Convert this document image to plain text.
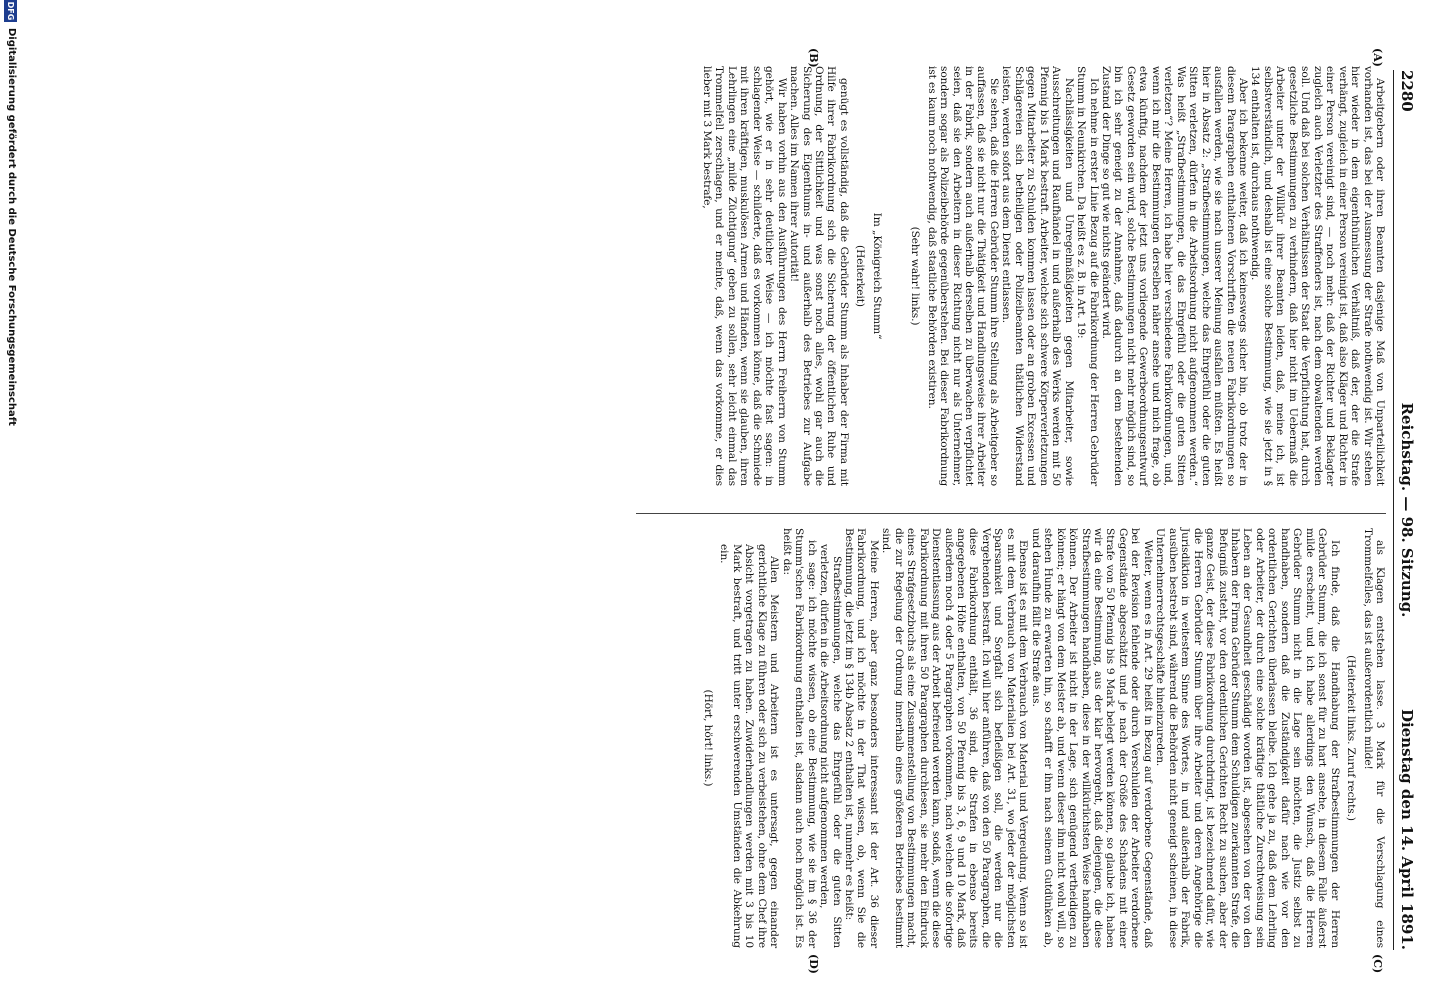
2280
Reichstag. — 98. Sitzung.
Dienstag den 14. April 1891.
(A)
(B)
(C)
(D)

Arbeitgebern oder ihren Beamten dasjenige Maß von Unparteilichkeit vorhanden ist, das bei der Ausmessung der Strafe nothwendig ist. Wir stehen hier wieder in dem eigenthümlichen Verhältniß, daß der, der die Strafe verhängt, zugleich in einer Person vereinigt ist, daß also Kläger und Richter in einer Person vereinigt sind, — noch mehr: daß der Richter und Beklagter zugleich auch Verletzter des Straffenders ist, nach dem obwaltenden werden soll. Und daß bei solchen Verhältnissen der Staat die Verpflichtung hat, durch gesetzliche Bestimmungen zu verhindern, daß hier nicht im Uebermaß die Arbeiter unter der Willkür ihrer Beamten leiden, daß, meine ich, ist selbstverständlich, und deshalb ist eine solche Bestimmung, wie sie jetzt in § 134 enthalten ist, durchaus nothwendig.

Aber ich bekenne weiter, daß ich keineswegs sicher bin, ob trotz der in diesem Paragraphen enthaltenen Vorschriften die neuen Fabrikordnungen so ausfallen werden, wie sie nach unserer Meinung ausfallen müßten. Es heißt hier in Absatz 2: „Strafbestimmungen, welche das Ehrgefühl oder die guten Sitten verletzen, dürfen in die Arbeitsordnung nicht aufgenommen werden.“ Was heißt „Strafbestimmungen, die das Ehrgefühl oder die guten Sitten verletzen“? Meine Herren, ich habe hier verschiedene Fabrikordnungen, und, wenn ich mir die Bestimmungen derselben näher ansehe und mich frage, ob etwa künftig, nachdem der jetzt uns vorliegende Gewerbeordnungsentwurf Gesetz geworden sein wird, solche Bestimmungen nicht mehr möglich sind, so bin ich sehr geneigt zu der Annahme, daß dadurch an dem bestehenden Zustand der Dinge so gut wie nichts geändert wird.

Ich nehme in erster Linie Bezug auf die Fabrikordnung der Herren Gebrüder Stumm in Neunkirchen. Da heißt es z. B. in Art. 19:

Nachlässigkeiten und Unregelmäßigkeiten gegen Mitarbeiter, sowie Ausschreitungen und Raufhändel in und außerhalb des Werks werden mit 50 Pfennig bis 1 Mark bestraft. Arbeiter, welche sich schwere Körperverletzungen gegen Mitarbeiter zu Schulden kommen lassen oder an groben Excessen und Schlägereien sich betheiligen oder Polizeibeamten thätlichen Widerstand leisten, werden sofort aus dem Dienst entlassen.

Sie sehen, daß die Herren Gebrüder Stumm ihre Stellung als Arbeitgeber so auffassen, daß sie nicht nur die Thätigkeit und Handlungsweise ihrer Arbeiter in der Fabrik, sondern auch außerhalb derselben zu überwachen verpflichtet seien, daß sie den Arbeitern in dieser Richtung nicht nur als Unternehmer, sondern sogar als Polizeibehörde gegenüberstehen. Bei dieser Fabrikordnung ist es kaum noch nothwendig, daß staatliche Behörden existiren.

(Sehr wahr! links.)

Im „Königreich Stumm“

(Heiterkeit)

genügt es vollständig, daß die Gebrüder Stumm als Inhaber der Firma mit Hilfe ihrer Fabrikordnung sich die Sicherung der öffentlichen Ruhe und Ordnung, der Sittlichkeit und was sonst noch alles, wohl gar auch die Sicherung des Eigenthums in- und außerhalb des Betriebes zur Aufgabe machen. Alles im Namen ihrer Autorität!

Wir haben vorhin aus den Ausführungen des Herrn Freiherrn von Stumm gehört, wie er in sehr deutlicher Weise — ich möchte fast sagen: in schlagender Weise — schilderte, daß es vorkommen könne, daß die Schmiede mit ihren kräftigen, muskulösen Armen und Händen, wenn sie glauben, ihren Lehrlingen eine „milde Züchtigung“ geben zu sollen, sehr leicht einmal das Trommelfell zerschlagen, und er meinte, daß, wenn das vorkomme, er dies lieber mit 3 Mark bestrafe,

als Klagen entstehen lasse. 3 Mark für die Verschlagung eines Trommelfelles, das ist außerordentlich milde!

(Heiterkeit links. Zuruf rechts.)

Ich finde, daß die Handhabung der Strafbestimmungen der Herren Gebrüder Stumm, die ich sonst für zu hart ansehe, in diesem Falle äußerst milde erscheint, und ich habe allerdings den Wunsch, daß die Herren Gebrüder Stumm nicht in die Lage sein möchten, die Justiz selbst zu handhaben, sondern daß die Zuständigkeit dafür nach wie vor den ordentlichen Gerichten überlassen bleibe. Ich gehe ja zu, daß dem Lehrling oder Arbeiter, der durch eine solche kräftige thätliche Zurechtweisung sein Leben an der Gesundheit geschädigt worden ist, abgesehen von der von den Inhabern der Firma Gebrüder Stumm dem Schuldigen zuerkannten Strafe, die Befugniß zusteht, vor den ordentlichen Gerichten Recht zu suchen, aber der ganze Geist, der diese Fabrikordnung durchdringt, ist bezeichnend dafür, wie die Herren Gebrüder Stumm über ihre Arbeiter und deren Angehörige die Jurisdiktion in weitestem Sinne des Wortes, in und außerhalb der Fabrik, ausüben bestrebt sind, während die Behörden nicht geneigt scheinen, in diese Unternehmerrechtsgeschäfte hineinzureden.

Weiter, wenn es in Art. 29 heißt in Bezug auf verdorbene Gegenstände, daß bei der Revision fehlende oder durch Verschulden der Arbeiter verdorbene Gegenstände abgeschätzt und je nach der Größe des Schadens mit einer Strafe von 50 Pfennig bis 9 Mark belegt werden können, so glaube ich, haben wir da eine Bestimmung, aus der klar hervorgeht, daß diejenigen, die diese Strafbestimmungen handhaben, diese in der willkürlichsten Weise handhaben können. Der Arbeiter ist nicht in der Lage, sich genügend vertheidigen zu können; er hängt von dem Meister ab, und wenn dieser ihm nicht wohl will, so stehen Hunde zu erwarten hin, so schafft er ihm nach seinem Gutdünken ab, und daraufhin fällt die Strafe aus.

Ebenso ist es mit dem Verbrauch von Material und Vergeudung. Wenn so ist es mit dem Verbrauch von Materialien bei Art. 31, wo jeder der möglichsten Sparsamkeit und Sorgfalt sich befleißigen soll, die werden nur die Vergehenden bestraft. Ich will hier anführen, daß von den 50 Paragraphen, die diese Fabrikordnung enthält, 36 sind, die Strafen in ebenso bereits angegebenen Höhe enthalten, von 50 Pfennig bis 3, 6, 9 und 10 Mark, daß außerdem noch 4 oder 5 Paragraphen vorkommen, nach welchen die sofortige Dienstentlassung aus der Arbeit befreiend werden kann, sodaß, wenn die diese Fabrikordnung mit ihren 50 Paragraphen durchlesen, sie mehr den Eindruck eines Strafgesetzbuchs als eine Zusammenstellung von Bestimmungen macht, die zur Regelung der Ordnung innerhalb eines größeren Betriebes bestimmt sind.

Meine Herren, aber ganz besonders interessant ist der Art. 36 dieser Fabrikordnung, und ich möchte in der That wissen, ob, wenn Sie die Bestimmung, die jetzt im § 134b Absatz 2 enthalten ist, nunmehr es heißt:

Strafbestimmungen, welche das Ehrgefühl oder die guten Sitten verletzen, dürfen in die Arbeitsordnung nicht aufgenommen werden,

ich sage: ich möchte wissen, ob eine Bestimmung, wie sie im § 36 der Stumm'schen Fabrikordnung enthalten ist, alsdann auch noch möglich ist. Es heißt da:

Allen Meistern und Arbeitern ist es untersagt, gegen einander gerichtliche Klage zu führen oder sich zu verbeistehen, ohne dem Chef ihre Absicht vorgetragen zu haben. Zuwiderhandlungen werden mit 3 bis 10 Mark bestraft, und tritt unter erschwerenden Umständen die Abkehrung ein.

(Hört, hört! links.)

DFG
Digitalisierung gefördert durch die Deutsche Forschungsgemeinschaft
